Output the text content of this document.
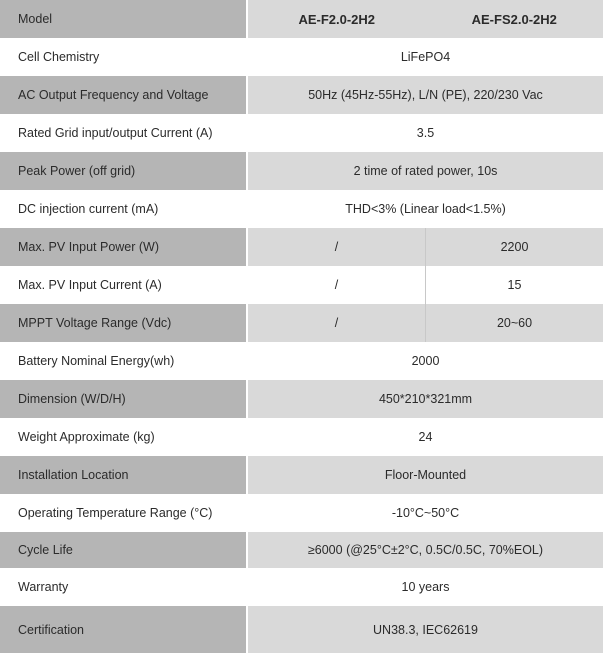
Model	AE-F2.0-2H2	AE-FS2.0-2H2
Cell Chemistry	LiFePO4
AC Output Frequency and Voltage	50Hz (45Hz-55Hz), L/N (PE), 220/230 Vac
Rated Grid input/output Current (A)	3.5
Peak Power (off grid)	2 time of rated power, 10s
DC injection current (mA)	THD<3% (Linear load<1.5%)
Max. PV Input Power (W)	/	2200
Max. PV Input Current (A)	/	15
MPPT Voltage Range (Vdc)	/	20~60
Battery Nominal Energy(wh)	2000
Dimension (W/D/H)	450*210*321mm
Weight Approximate (kg)	24
Installation Location	Floor-Mounted
Operating Temperature Range (°C)	-10°C~50°C
Cycle Life	≥6000 (@25°C±2°C, 0.5C/0.5C, 70%EOL)
Warranty	10 years
Certification	UN38.3, IEC62619
